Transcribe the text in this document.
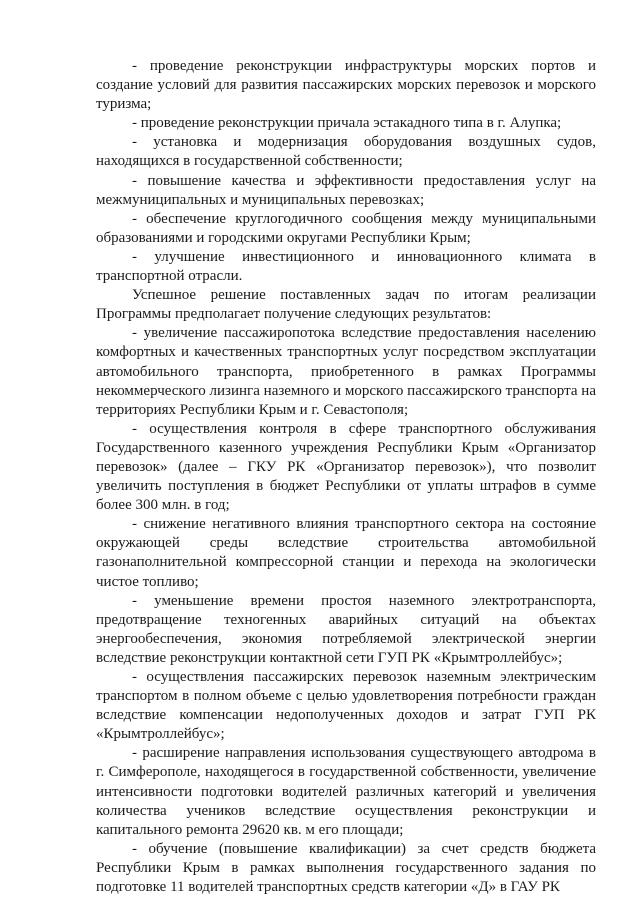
- проведение реконструкции инфраструктуры морских портов и создание условий для развития пассажирских морских перевозок и морского туризма;

- проведение реконструкции причала эстакадного типа в г. Алупка;

- установка и модернизация оборудования воздушных судов, находящихся в государственной собственности;

- повышение качества и эффективности предоставления услуг на межмуниципальных и муниципальных перевозках;

- обеспечение круглогодичного сообщения между муниципальными образованиями и городскими округами Республики Крым;

- улучшение инвестиционного и инновационного климата в транспортной отрасли.

Успешное решение поставленных задач по итогам реализации Программы предполагает получение следующих результатов:

- увеличение пассажиропотока вследствие предоставления населению комфортных и качественных транспортных услуг посредством эксплуатации автомобильного транспорта, приобретенного в рамках Программы некоммерческого лизинга наземного и морского пассажирского транспорта на территориях Республики Крым и г. Севастополя;

- осуществления контроля в сфере транспортного обслуживания Государственного казенного учреждения Республики Крым «Организатор перевозок» (далее – ГКУ РК «Организатор перевозок»), что позволит увеличить поступления в бюджет Республики от уплаты штрафов в сумме более 300 млн. в год;

- снижение негативного влияния транспортного сектора на состояние окружающей среды вследствие строительства автомобильной газонаполнительной компрессорной станции и перехода на экологически чистое топливо;

- уменьшение времени простоя наземного электротранспорта, предотвращение техногенных аварийных ситуаций на объектах энергообеспечения, экономия потребляемой электрической энергии вследствие реконструкции контактной сети ГУП РК «Крымтроллейбус»;

- осуществления пассажирских перевозок наземным электрическим транспортом в полном объеме с целью удовлетворения потребности граждан вследствие компенсации недополученных доходов и затрат ГУП РК «Крымтроллейбус»;

- расширение направления использования существующего автодрома в г. Симферополе, находящегося в государственной собственности, увеличение интенсивности подготовки водителей различных категорий и увеличения количества учеников вследствие осуществления реконструкции и капитального ремонта 29620 кв. м его площади;

- обучение (повышение квалификации) за счет средств бюджета Республики Крым в рамках выполнения государственного задания по подготовке 11 водителей транспортных средств категории «Д» в ГАУ РК
